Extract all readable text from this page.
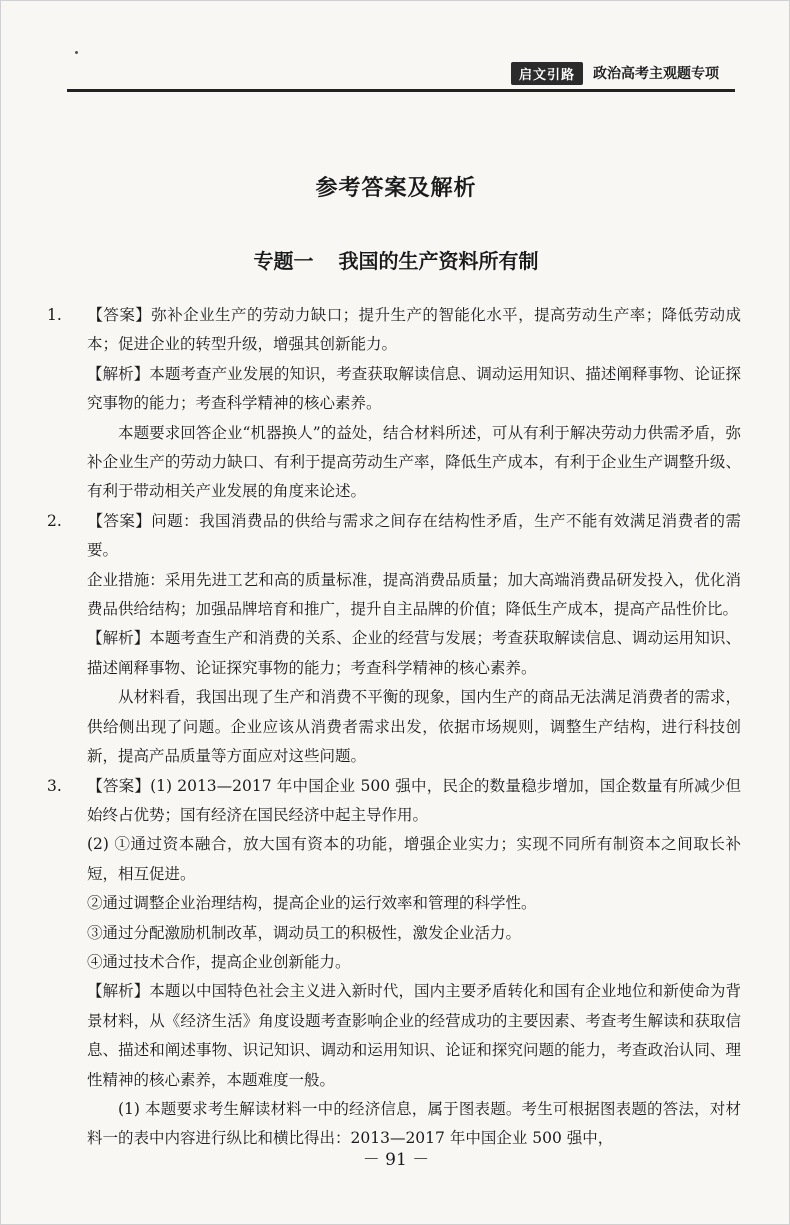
启文引路	政治高考主观题专项
参考答案及解析
专题一 我国的生产资料所有制

1. 【答案】弥补企业生产的劳动力缺口；提升生产的智能化水平，提高劳动生产率；降低劳动成本；促进企业的转型升级，增强其创新能力。

【解析】本题考查产业发展的知识，考查获取解读信息、调动运用知识、描述阐释事物、论证探究事物的能力；考查科学精神的核心素养。

本题要求回答企业“机器换人”的益处，结合材料所述，可从有利于解决劳动力供需矛盾，弥补企业生产的劳动力缺口、有利于提高劳动生产率，降低生产成本，有利于企业生产调整升级、有利于带动相关产业发展的角度来论述。

2. 【答案】问题：我国消费品的供给与需求之间存在结构性矛盾，生产不能有效满足消费者的需要。

企业措施：采用先进工艺和高的质量标准，提高消费品质量；加大高端消费品研发投入，优化消费品供给结构；加强品牌培育和推广，提升自主品牌的价值；降低生产成本，提高产品性价比。

【解析】本题考查生产和消费的关系、企业的经营与发展；考查获取解读信息、调动运用知识、描述阐释事物、论证探究事物的能力；考查科学精神的核心素养。

从材料看，我国出现了生产和消费不平衡的现象，国内生产的商品无法满足消费者的需求，供给侧出现了问题。企业应该从消费者需求出发，依据市场规则，调整生产结构，进行科技创新，提高产品质量等方面应对这些问题。

3. 【答案】(1) 2013—2017 年中国企业 500 强中，民企的数量稳步增加，国企数量有所减少但始终占优势；国有经济在国民经济中起主导作用。

(2) ①通过资本融合，放大国有资本的功能，增强企业实力；实现不同所有制资本之间取长补短，相互促进。

②通过调整企业治理结构，提高企业的运行效率和管理的科学性。

③通过分配激励机制改革，调动员工的积极性，激发企业活力。

④通过技术合作，提高企业创新能力。

【解析】本题以中国特色社会主义进入新时代，国内主要矛盾转化和国有企业地位和新使命为背景材料，从《经济生活》角度设题考查影响企业的经营成功的主要因素、考查考生解读和获取信息、描述和阐述事物、识记知识、调动和运用知识、论证和探究问题的能力，考查政治认同、理性精神的核心素养，本题难度一般。

(1) 本题要求考生解读材料一中的经济信息，属于图表题。考生可根据图表题的答法，对材料一的表中内容进行纵比和横比得出：2013—2017 年中国企业 500 强中，

－ 91 －
